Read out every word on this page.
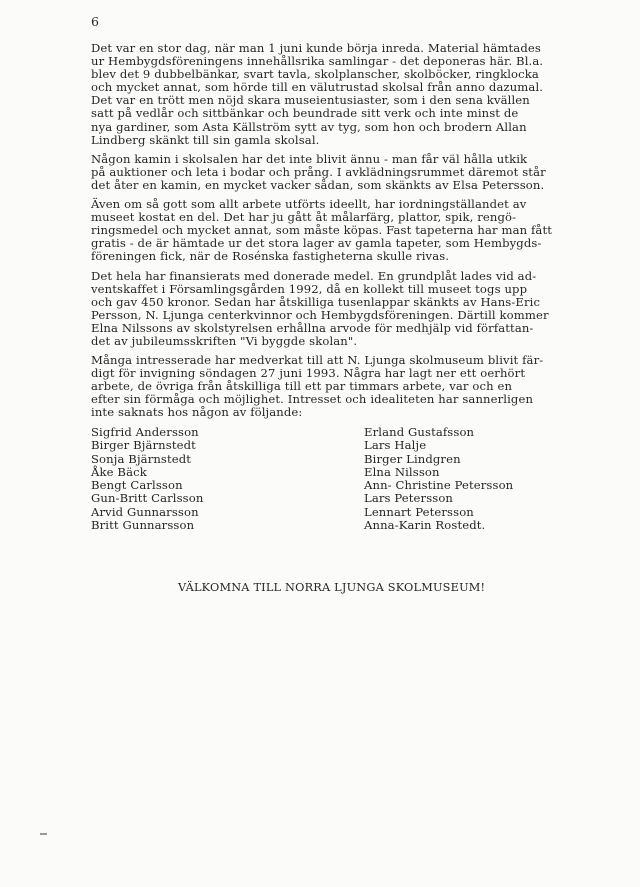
6
Det var en stor dag, när man 1 juni kunde börja inreda. Material hämtades
ur Hembygdsföreningens innehållsrika samlingar - det deponeras här. Bl.a.
blev det 9 dubbelbänkar, svart tavla, skolplanscher, skolböcker, ringklocka
och mycket annat, som hörde till en välutrustad skolsal från anno dazumal.
Det var en trött men nöjd skara museientusiaster, som i den sena kvällen
satt på vedlår och sittbänkar och beundrade sitt verk och inte minst de
nya gardiner, som Asta Källström sytt av tyg, som hon och brodern Allan
Lindberg skänkt till sin gamla skolsal.
Någon kamin i skolsalen har det inte blivit ännu - man får väl hålla utkik
på auktioner och leta i bodar och prång. I avklädningsrummet däremot står
det åter en kamin, en mycket vacker sådan, som skänkts av Elsa Petersson.
Även om så gott som allt arbete utförts ideellt, har iordningställandet av
museet kostat en del. Det har ju gått åt målarfärg, plattor, spik, rengö-
ringsmedel och mycket annat, som måste köpas. Fast tapeterna har man fått
gratis - de är hämtade ur det stora lager av gamla tapeter, som Hembygds-
föreningen fick, när de Rosénska fastigheterna skulle rivas.
Det hela har finansierats med donerade medel. En grundplåt lades vid ad-
ventskaffet i Församlingsgården 1992, då en kollekt till museet togs upp
och gav 450 kronor. Sedan har åtskilliga tusenlappar skänkts av Hans-Eric
Persson, N. Ljunga centerkvinnor och Hembygdsföreningen. Därtill kommer
Elna Nilssons av skolstyrelsen erhållna arvode för medhjälp vid författan-
det av jubileumsskriften "Vi byggde skolan".
Många intresserade har medverkat till att N. Ljunga skolmuseum blivit fär-
digt för invigning söndagen 27 juni 1993. Några har lagt ner ett oerhört
arbete, de övriga från åtskilliga till ett par timmars arbete, var och en
efter sin förmåga och möjlighet. Intresset och idealiteten har sannerligen
inte saknats hos någon av följande:
Sigfrid Andersson
Birger Bjärnstedt
Sonja Bjärnstedt
Åke Bäck
Bengt Carlsson
Gun-Britt Carlsson
Arvid Gunnarsson
Britt Gunnarsson
Erland Gustafsson
Lars Halje
Birger Lindgren
Elna Nilsson
Ann- Christine Petersson
Lars Petersson
Lennart Petersson
Anna-Karin Rostedt.
VÄLKOMNA TILL NORRA LJUNGA SKOLMUSEUM!
